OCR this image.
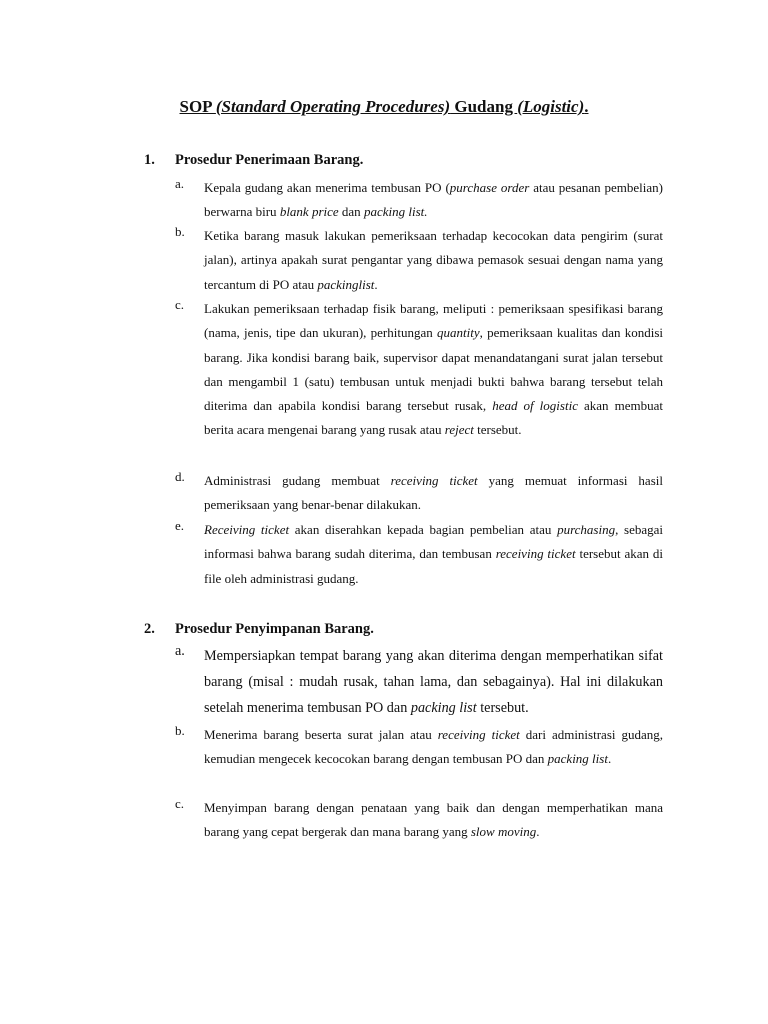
SOP (Standard Operating Procedures) Gudang (Logistic).
1. Prosedur Penerimaan Barang.
a.	Kepala gudang akan menerima tembusan PO (purchase order atau pesanan pembelian) berwarna biru blank price dan packing list.
b.	Ketika barang masuk lakukan pemeriksaan terhadap kecocokan data pengirim (surat jalan), artinya apakah surat pengantar yang dibawa pemasok sesuai dengan nama yang tercantum di PO atau packinglist.
c.	Lakukan pemeriksaan terhadap fisik barang, meliputi : pemeriksaan spesifikasi barang (nama, jenis, tipe dan ukuran), perhitungan quantity, pemeriksaan kualitas dan kondisi barang. Jika kondisi barang baik, supervisor dapat menandatangani surat jalan tersebut dan mengambil 1 (satu) tembusan untuk menjadi bukti bahwa barang tersebut telah diterima dan apabila kondisi barang tersebut rusak, head of logistic akan membuat berita acara mengenai barang yang rusak atau reject tersebut.
d.	Administrasi gudang membuat receiving ticket yang memuat informasi hasil pemeriksaan yang benar-benar dilakukan.
e.	Receiving ticket akan diserahkan kepada bagian pembelian atau purchasing, sebagai informasi bahwa barang sudah diterima, dan tembusan receiving ticket tersebut akan di file oleh administrasi gudang.
2. Prosedur Penyimpanan Barang.
a.	Mempersiapkan tempat barang yang akan diterima dengan memperhatikan sifat barang (misal : mudah rusak, tahan lama, dan sebagainya). Hal ini dilakukan setelah menerima tembusan PO dan packing list tersebut.
b.	Menerima barang beserta surat jalan atau receiving ticket dari administrasi gudang, kemudian mengecek kecocokan barang dengan tembusan PO dan packing list.
c.	Menyimpan barang dengan penataan yang baik dan dengan memperhatikan mana barang yang cepat bergerak dan mana barang yang slow moving.
